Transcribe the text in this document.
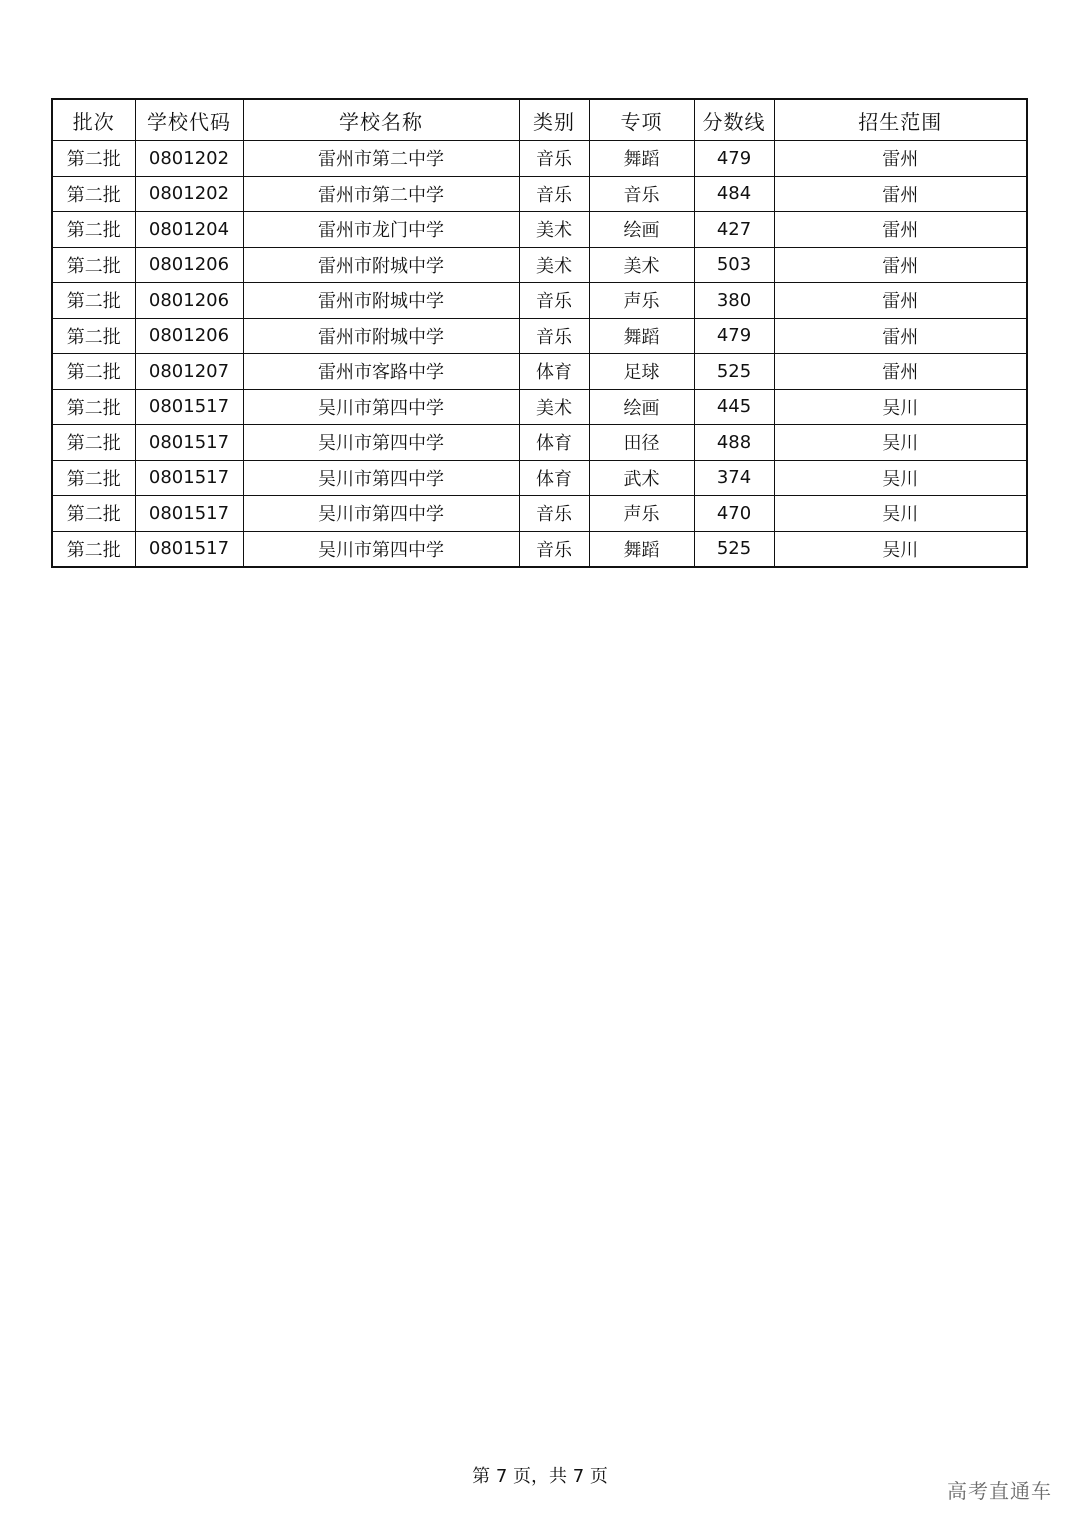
批次	学校代码	学校名称	类别	专项	分数线	招生范围
第二批	0801202	雷州市第二中学	音乐	舞蹈	479	雷州
第二批	0801202	雷州市第二中学	音乐	音乐	484	雷州
第二批	0801204	雷州市龙门中学	美术	绘画	427	雷州
第二批	0801206	雷州市附城中学	美术	美术	503	雷州
第二批	0801206	雷州市附城中学	音乐	声乐	380	雷州
第二批	0801206	雷州市附城中学	音乐	舞蹈	479	雷州
第二批	0801207	雷州市客路中学	体育	足球	525	雷州
第二批	0801517	吴川市第四中学	美术	绘画	445	吴川
第二批	0801517	吴川市第四中学	体育	田径	488	吴川
第二批	0801517	吴川市第四中学	体育	武术	374	吴川
第二批	0801517	吴川市第四中学	音乐	声乐	470	吴川
第二批	0801517	吴川市第四中学	音乐	舞蹈	525	吴川
第 7 页，共 7 页
高考直通车
